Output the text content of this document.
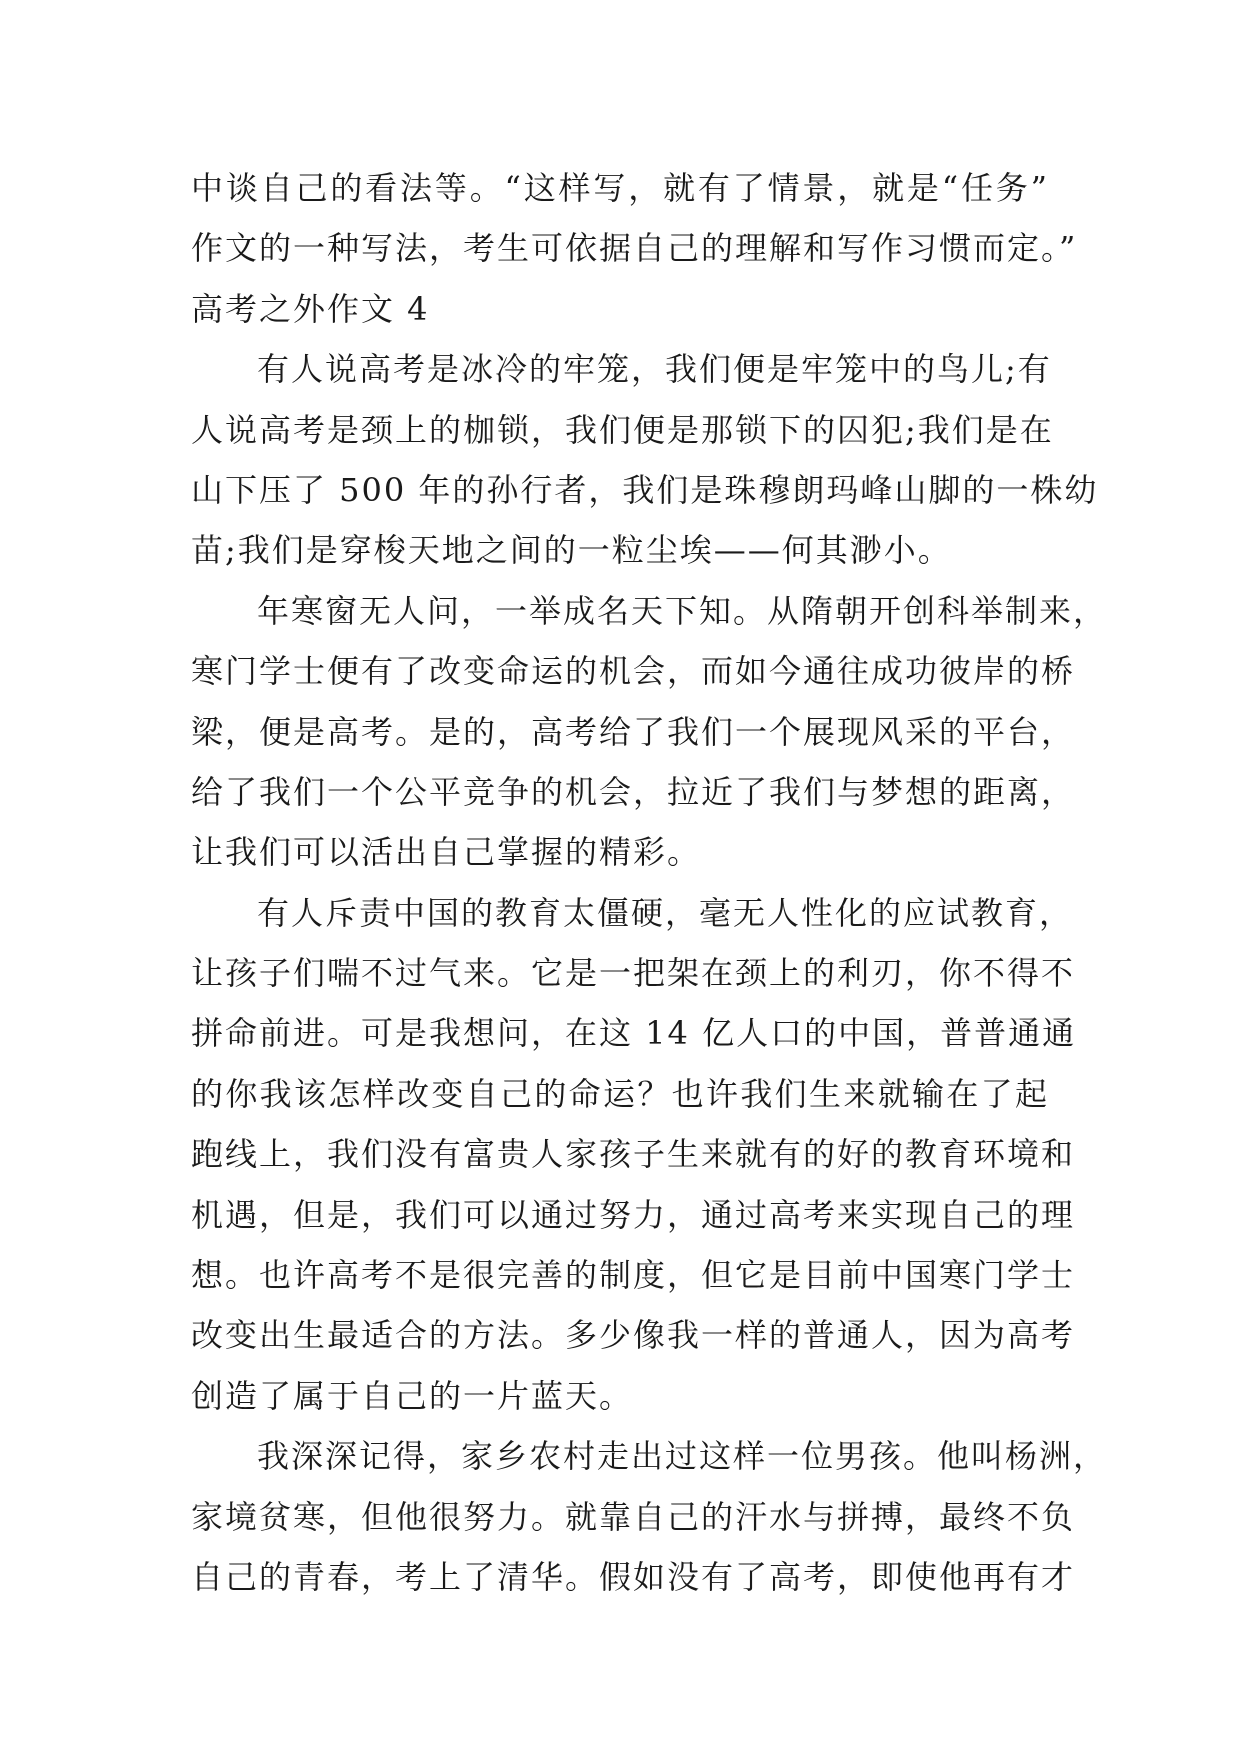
中谈自己的看法等。“这样写，就有了情景，就是“任务”
作文的一种写法，考生可依据自己的理解和写作习惯而定。”
高考之外作文 4
有人说高考是冰冷的牢笼，我们便是牢笼中的鸟儿;有
人说高考是颈上的枷锁，我们便是那锁下的囚犯;我们是在
山下压了 500 年的孙行者，我们是珠穆朗玛峰山脚的一株幼
苗;我们是穿梭天地之间的一粒尘埃——何其渺小。
年寒窗无人问，一举成名天下知。从隋朝开创科举制来，
寒门学士便有了改变命运的机会，而如今通往成功彼岸的桥
梁，便是高考。是的，高考给了我们一个展现风采的平台，
给了我们一个公平竞争的机会，拉近了我们与梦想的距离，
让我们可以活出自己掌握的精彩。
有人斥责中国的教育太僵硬，毫无人性化的应试教育，
让孩子们喘不过气来。它是一把架在颈上的利刃，你不得不
拼命前进。可是我想问，在这 14 亿人口的中国，普普通通
的你我该怎样改变自己的命运？也许我们生来就输在了起
跑线上，我们没有富贵人家孩子生来就有的好的教育环境和
机遇，但是，我们可以通过努力，通过高考来实现自己的理
想。也许高考不是很完善的制度，但它是目前中国寒门学士
改变出生最适合的方法。多少像我一样的普通人，因为高考
创造了属于自己的一片蓝天。
我深深记得，家乡农村走出过这样一位男孩。他叫杨洲，
家境贫寒，但他很努力。就靠自己的汗水与拼搏，最终不负
自己的青春，考上了清华。假如没有了高考，即使他再有才
